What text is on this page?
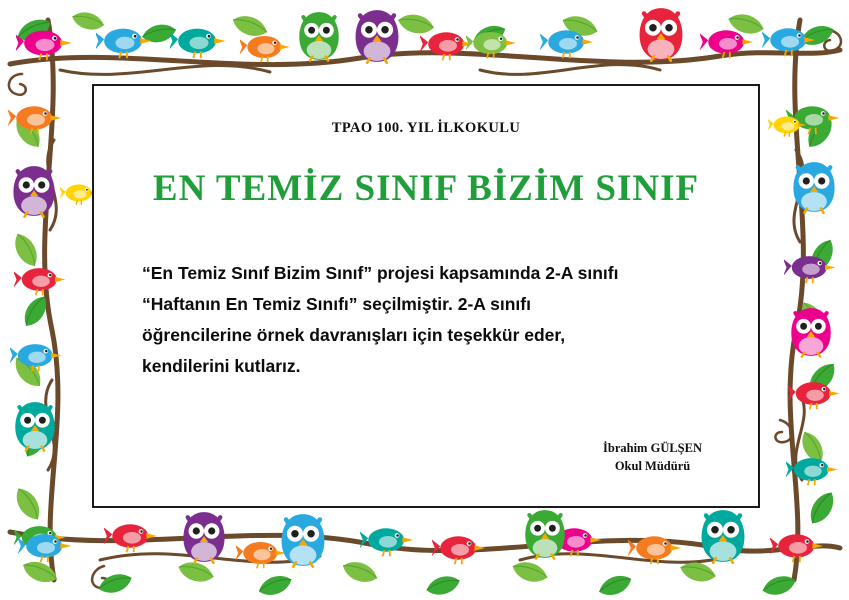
TPAO 100. YIL İLKOKULU
EN TEMİZ SINIF BİZİM SINIF
“En Temiz Sınıf Bizim Sınıf” projesi kapsamında 2-A sınıfı
“Haftanın En Temiz Sınıfı” seçilmiştir. 2-A sınıfı
öğrencilerine örnek davranışları için teşekkür eder,
kendilerini kutlarız.
İbrahim GÜLŞEN
Okul Müdürü
